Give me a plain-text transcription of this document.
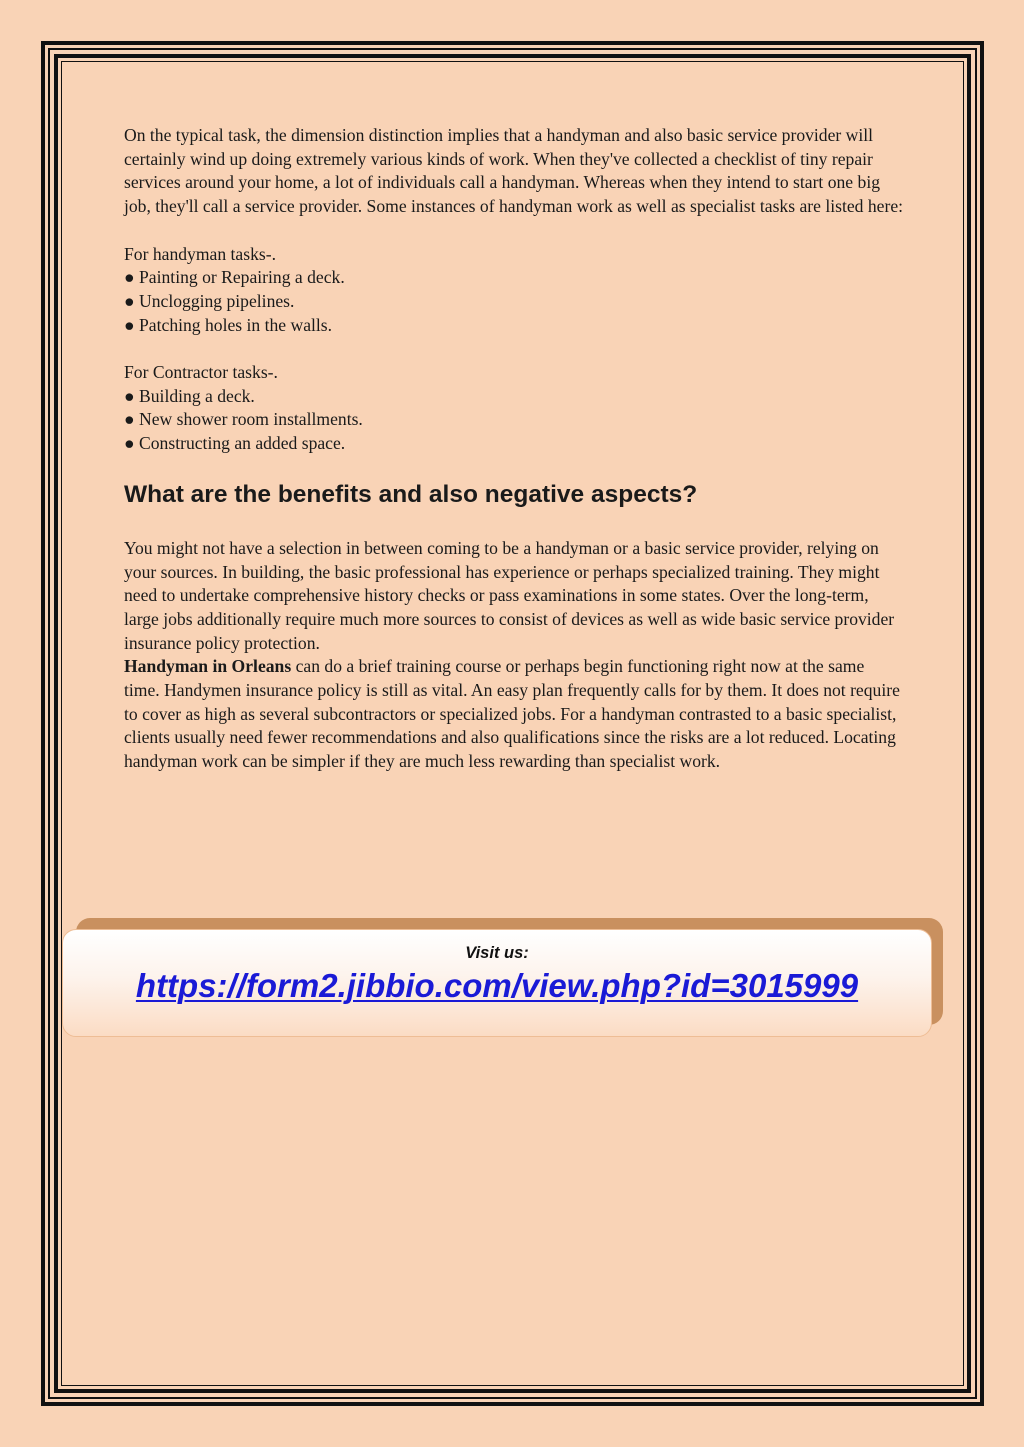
On the typical task, the dimension distinction implies that a handyman and also basic service provider will certainly wind up doing extremely various kinds of work. When they've collected a checklist of tiny repair services around your home, a lot of individuals call a handyman. Whereas when they intend to start one big job, they'll call a service provider. Some instances of handyman work as well as specialist tasks are listed here:

For handyman tasks-.

● Painting or Repairing a deck.
● Unclogging pipelines.
● Patching holes in the walls.

For Contractor tasks-.

● Building a deck.
● New shower room installments.
● Constructing an added space.
What are the benefits and also negative aspects?

You might not have a selection in between coming to be a handyman or a basic service provider, relying on your sources. In building, the basic professional has experience or perhaps specialized training. They might need to undertake comprehensive history checks or pass examinations in some states. Over the long-term, large jobs additionally require much more sources to consist of devices as well as wide basic service provider insurance policy protection.

Handyman in Orleans can do a brief training course or perhaps begin functioning right now at the same time. Handymen insurance policy is still as vital. An easy plan frequently calls for by them. It does not require to cover as high as several subcontractors or specialized jobs. For a handyman contrasted to a basic specialist, clients usually need fewer recommendations and also qualifications since the risks are a lot reduced. Locating handyman work can be simpler if they are much less rewarding than specialist work.

Visit us:
https://form2.jibbio.com/view.php?id=3015999
